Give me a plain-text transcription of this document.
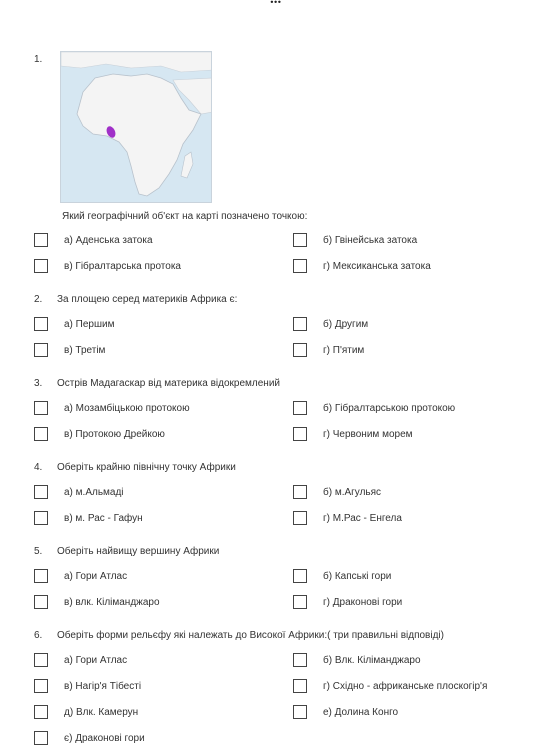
1.
Який географічний об'єкт на карті позначено точкою:
а) Аденська затока	б) Гвінейська затока
в) Гібралтарська протока	г) Мексиканська затока
2. За площею серед материків Африка є:
а) Першим	б) Другим
в) Третім	г) П'ятим
3. Острів Мадагаскар від материка відокремлений
а) Мозамбіцькою протокою	б) Гібралтарською протокою
в) Протокою Дрейкою	г) Червоним морем
4. Оберіть крайню північну точку Африки
а) м.Альмаді	б) м.Агульяс
в) м. Рас - Гафун	г) М.Рас - Енгела
5. Оберіть найвищу вершину Африки
а) Гори Атлас	б) Капські гори
в) влк. Кіліманджаро	г) Драконові гори
6. Оберіть форми рельєфу які належать до Високої Африки:( три правильні відповіді)
а) Гори Атлас	б) Влк. Кіліманджаро
в) Нагір'я Тібесті	г) Східно - африканське плоскогір'я
д) Влк. Камерун	е) Долина Конго
є) Драконові гори
